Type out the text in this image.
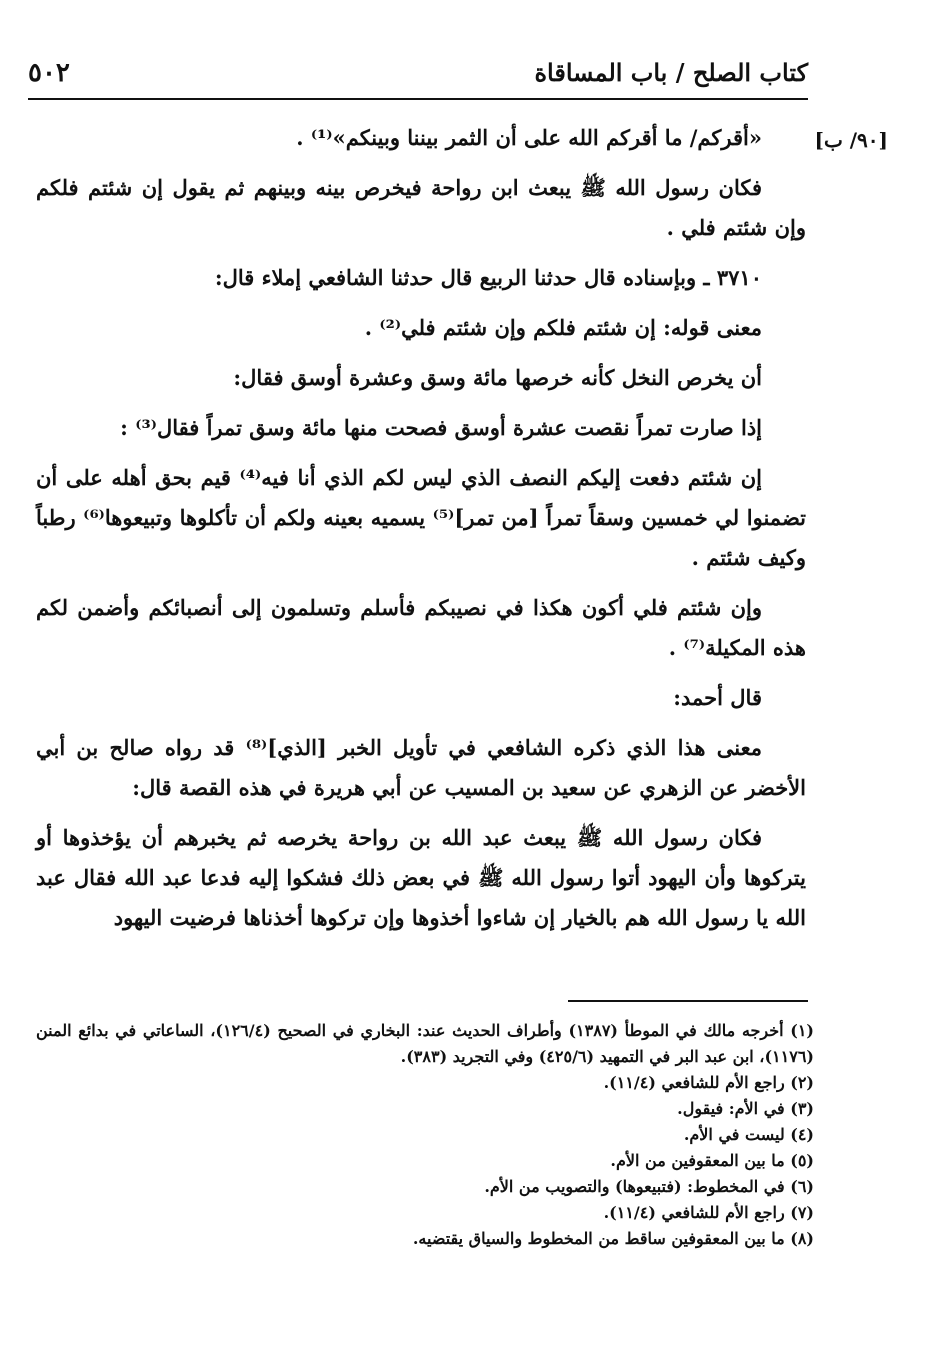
٥٠٢	كتاب الصلح / باب المساقاة
[٩٠/ ب]

«أقركم/ ما أقركم الله على أن الثمر بيننا وبينكم»⁽¹⁾ .

فكان رسول الله ﷺ يبعث ابن رواحة فيخرص بينه وبينهم ثم يقول إن شئتم فلكم وإن شئتم فلي .

٣٧١٠ ـ وبإسناده قال حدثنا الربيع قال حدثنا الشافعي إملاء قال:

معنى قوله: إن شئتم فلكم وإن شئتم فلي⁽²⁾ .

أن يخرص النخل كأنه خرصها مائة وسق وعشرة أوسق فقال:

إذا صارت تمراً نقصت عشرة أوسق فصحت منها مائة وسق تمراً فقال⁽³⁾ :

إن شئتم دفعت إليكم النصف الذي ليس لكم الذي أنا فيه⁽⁴⁾ قيم بحق أهله على أن تضمنوا لي خمسين وسقاً تمراً [من تمر]⁽⁵⁾ يسميه بعينه ولكم أن تأكلوها وتبيعوها⁽⁶⁾ رطباً وكيف شئتم .

وإن شئتم فلي أكون هكذا في نصيبكم فأسلم وتسلمون إلى أنصبائكم وأضمن لكم هذه المكيلة⁽⁷⁾ .

قال أحمد:

معنى هذا الذي ذكره الشافعي في تأويل الخبر [الذي]⁽⁸⁾ قد رواه صالح بن أبي الأخضر عن الزهري عن سعيد بن المسيب عن أبي هريرة في هذه القصة قال:

فكان رسول الله ﷺ يبعث عبد الله بن رواحة يخرصه ثم يخبرهم أن يؤخذوها أو يتركوها وأن اليهود أتوا رسول الله ﷺ في بعض ذلك فشكوا إليه فدعا عبد الله فقال عبد الله يا رسول الله هم بالخيار إن شاءوا أخذوها وإن تركوها أخذناها فرضيت اليهود

(١) أخرجه مالك في الموطأ (١٣٨٧) وأطراف الحديث عند: البخاري في الصحيح (١٢٦/٤)، الساعاتي في بدائع المنن (١١٧٦)، ابن عبد البر في التمهيد (٤٢٥/٦) وفي التجريد (٣٨٣).
(٢) راجع الأم للشافعي (١١/٤).
(٣) في الأم: فيقول.
(٤) ليست في الأم.
(٥) ما بين المعقوفين من الأم.
(٦) في المخطوط: (فتبيعوها) والتصويب من الأم.
(٧) راجع الأم للشافعي (١١/٤).
(٨) ما بين المعقوفين ساقط من المخطوط والسياق يقتضيه.
